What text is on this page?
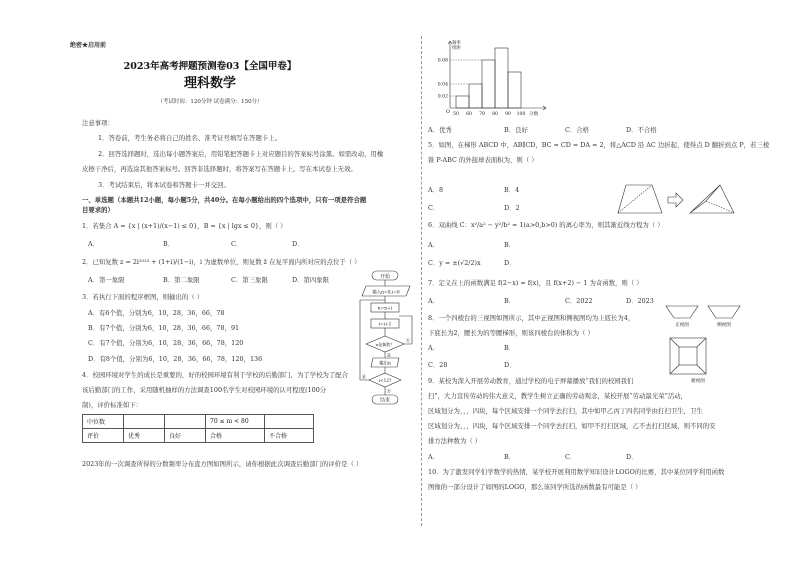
绝密★启用前
2023年高考押题预测卷03【全国甲卷】
理科数学
（考试时间：120分钟 试卷满分：150分）
注意事项：
1．答卷前，考生务必将自己的姓名、准考证号填写在答题卡上。
2．回答选择题时，选出每小题答案后，用铅笔把答题卡上对应题目的答案标号涂黑。如需改动，用橡
皮擦干净后，再选涂其他答案标号。回答非选择题时，将答案写在答题卡上。写在本试卷上无效。
3．考试结束后，将本试卷和答题卡一并交回。
一、单选题（本题共12小题，每小题5分，共40分。在每小题给出的四个选项中，只有一项是符合题
目要求的）
1．若集合 A = {x | (x+1)/(x−1) ≤ 0}，B = {x | lgx ≤ 0}，则（ ）
A．	B．	C．	D．
2．已知复数 z = 2i²⁰²³ + (1+i)/(1−i)，i 为虚数单位，则复数 z̄ 在复平面内所对应的点位于（ ）
A．第一象限	B．第二象限	C．第三象限	D．第四象限
3．若执行下面的程序框图，则输出的（ ）
A．有6个值，分别为6，10，28，36，66，78
B．有7个值，分别为6，10，28，36，66，78，91
C．有7个值，分别为6，10，28，36，66，78，120
D．有8个值，分别为6，10，28，36，66，78，120，136
4．校园环境对学生的成长是重要的，好的校园环境有利于学校的后勤部门，为了学校为了配合
该后勤部门的工作，采用随机抽样的方法调查100名学生对校园环境的认可程度(100分
制)，评价标准如下：
中位数			70 ≤ m < 80	
评价	优秀	良好	合格	不合格
2023年的一次调查所得的分数频率分布直方图如图所示，请你根据此次调查后勤部门的评价是（ ）
开始
输入n=0,i=0
n=n+i
i=i+1
n是偶数？
输出n
i<12?
结束
是
否
是
否
频率
组距
0.08
0.04
0.02
O 50 60 70 80 90 100 分数
A．优秀	B．良好	C．合格	D．不合格
5．如图，在梯形 ABCD 中，AB∥CD，BC = CD = DA = 2，将△ACD 沿 AC 边折起，使得点 D 翻折到点 P，若三棱
锥 P-ABC 的外接球表面积为，则（ ）
A．8	B．4
C．	D．2
6．双曲线 C：x²/a² − y²/b² = 1(a>0,b>0) 的离心率为，则其渐近线方程为（ ）
A．	B．
C．y = ±(√2/2)x	D．
7．定义在上的函数满足 f(2−x) = f(x)，且 f(x+2) − 1 为奇函数，则（ ）
A．	B．	C．2022	D．2023
8．一个四棱台的三视图如图所示，其中正视图和侧视图均为上底长为4，
下底长为2，腰长为的等腰梯形，则该四棱台的体积为（ ）
A．	B．
C．28	D．
正视图	侧视图
俯视图
9．某校为深入开展劳动教育，通过学校的电子屏幕播放“我们的校园我们
扫”，大力宣传劳动的伟大意义，教学生树立正确的劳动观念，某校开展“劳动最光荣”活动，
区域划分为，，，四块，每个区域安排一个同学去打扫，其中如甲乙丙丁四名同学由打扫卫生，卫生
区域划分为，，，四块，每个区域安排一个同学去打扫，如甲不打扫区域，乙不去打扫区域，则不同的安
排方法种数为（ ）
A．	B．	C．	D．
10．为了激发同学们学数学的热情，某学校开展利用数学知识设计LOGO的比赛，其中某位同学利用函数
图像的一部分设计了如图的LOGO，那么该同学所选的函数最有可能是（ ）
